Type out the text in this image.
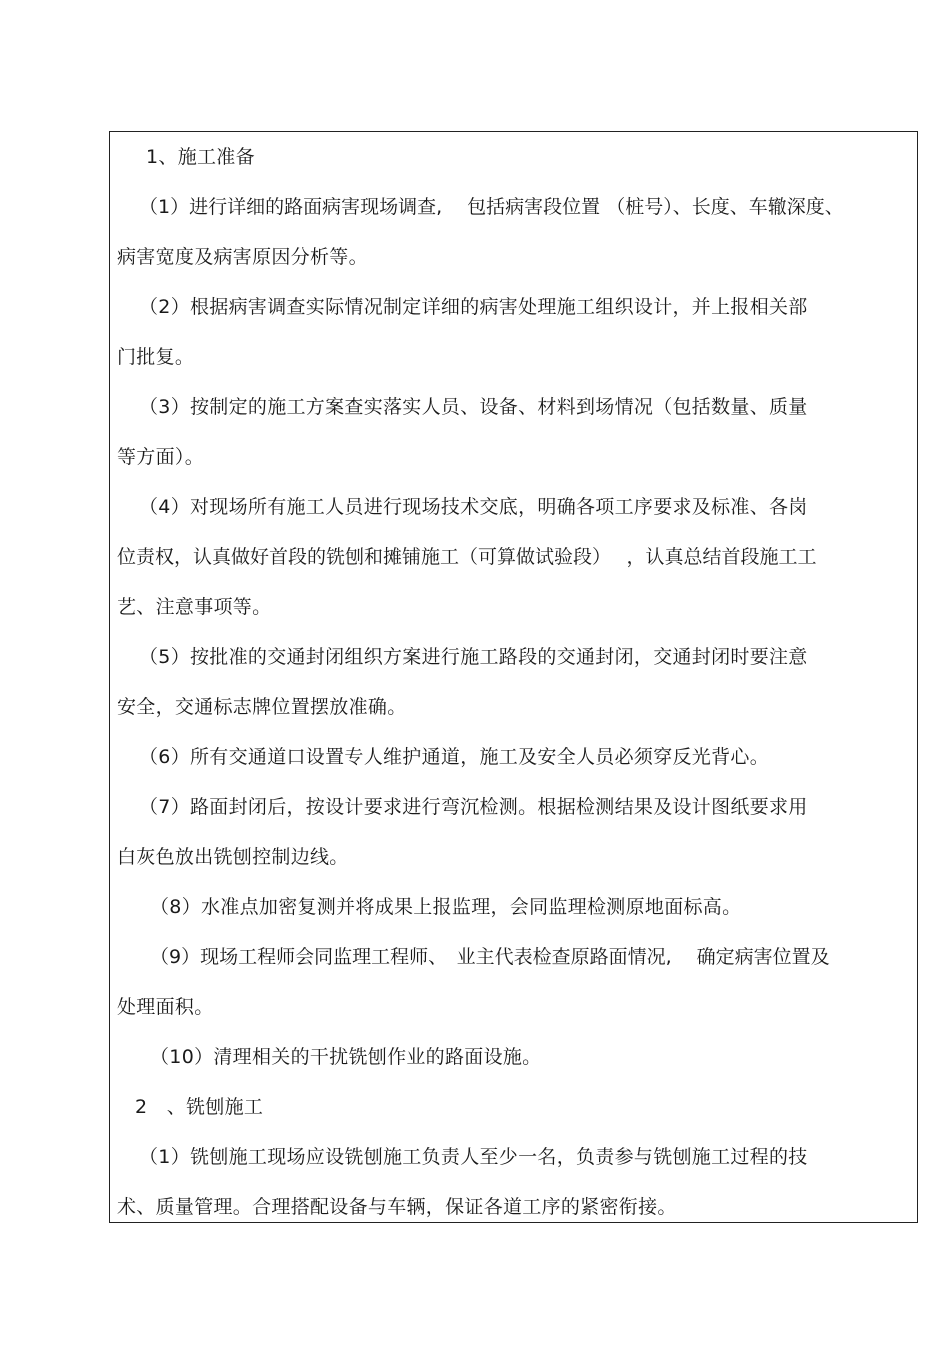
1、施工准备
（1）进行详细的路面病害现场调查,　 包括病害段位置 （桩号）、长度、车辙深度、
病害宽度及病害原因分析等。
（2）根据病害调查实际情况制定详细的病害处理施工组织设计，并上报相关部
门批复。
（3）按制定的施工方案查实落实人员、设备、材料到场情况（包括数量、质量
等方面）。
（4）对现场所有施工人员进行现场技术交底，明确各项工序要求及标准、各岗
位责权，认真做好首段的铣刨和摊铺施工（可算做试验段）　 ，认真总结首段施工工
艺、注意事项等。
（5）按批准的交通封闭组织方案进行施工路段的交通封闭，交通封闭时要注意
安全，交通标志牌位置摆放准确。
（6）所有交通道口设置专人维护通道，施工及安全人员必须穿反光背心。
（7）路面封闭后，按设计要求进行弯沉检测。根据检测结果及设计图纸要求用
白灰色放出铣刨控制边线。
（8）水准点加密复测并将成果上报监理，会同监理检测原地面标高。
（9）现场工程师会同监理工程师、　业主代表检查原路面情况,　 确定病害位置及
处理面积。
（10）清理相关的干扰铣刨作业的路面设施。
2　、铣刨施工
（1）铣刨施工现场应设铣刨施工负责人至少一名，负责参与铣刨施工过程的技
术、质量管理。合理搭配设备与车辆，保证各道工序的紧密衔接。
